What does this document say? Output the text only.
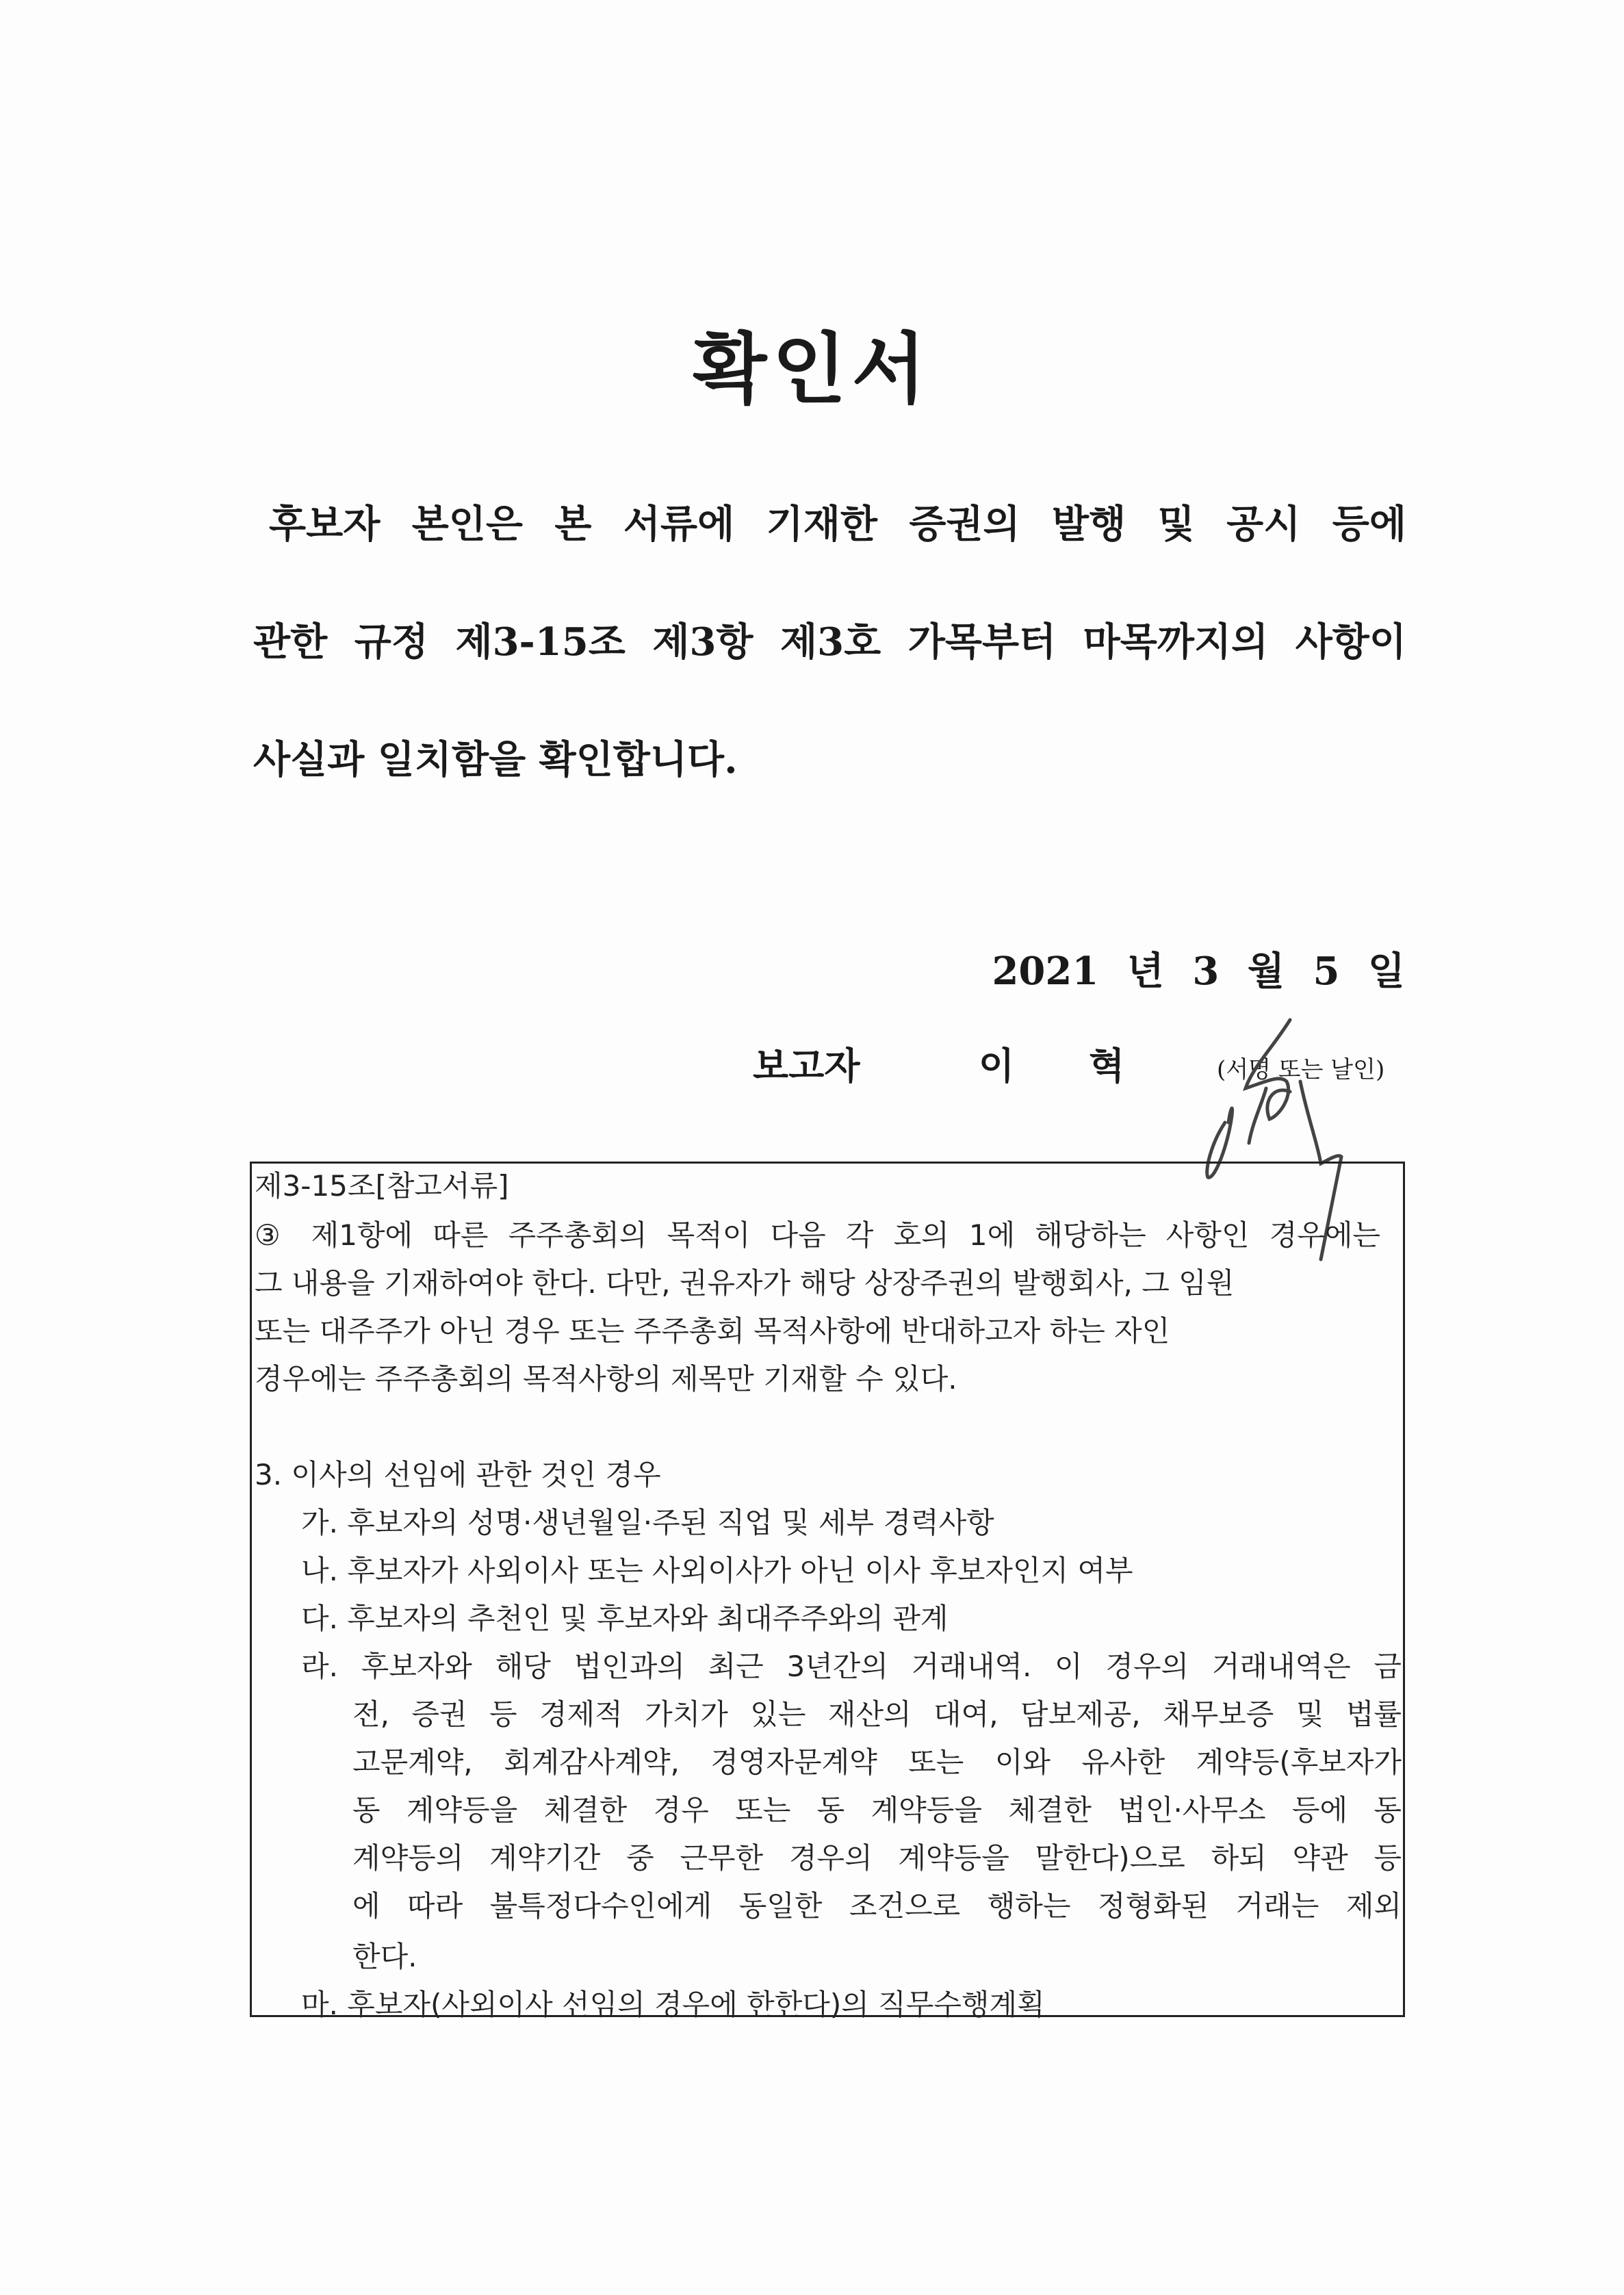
확인서
후보자 본인은 본 서류에 기재한 증권의 발행 및 공시 등에
관한 규정 제3-15조 제3항 제3호 가목부터 마목까지의 사항이
사실과 일치함을 확인합니다.
2021 년 3 월 5 일
보고자	이 혁	(서명 또는 날인)
제3-15조[참고서류]
③ 제1항에 따른 주주총회의 목적이 다음 각 호의 1에 해당하는 사항인 경우에는
그 내용을 기재하여야 한다. 다만, 권유자가 해당 상장주권의 발행회사, 그 임원
또는 대주주가 아닌 경우 또는 주주총회 목적사항에 반대하고자 하는 자인
경우에는 주주총회의 목적사항의 제목만 기재할 수 있다.
3. 이사의 선임에 관한 것인 경우
가. 후보자의 성명·생년월일·주된 직업 및 세부 경력사항
나. 후보자가 사외이사 또는 사외이사가 아닌 이사 후보자인지 여부
다. 후보자의 추천인 및 후보자와 최대주주와의 관계
라. 후보자와 해당 법인과의 최근 3년간의 거래내역. 이 경우의 거래내역은 금
전, 증권 등 경제적 가치가 있는 재산의 대여, 담보제공, 채무보증 및 법률
고문계약, 회계감사계약, 경영자문계약 또는 이와 유사한 계약등(후보자가
동 계약등을 체결한 경우 또는 동 계약등을 체결한 법인·사무소 등에 동
계약등의 계약기간 중 근무한 경우의 계약등을 말한다)으로 하되 약관 등
에 따라 불특정다수인에게 동일한 조건으로 행하는 정형화된 거래는 제외
한다.
마. 후보자(사외이사 선임의 경우에 한한다)의 직무수행계획
